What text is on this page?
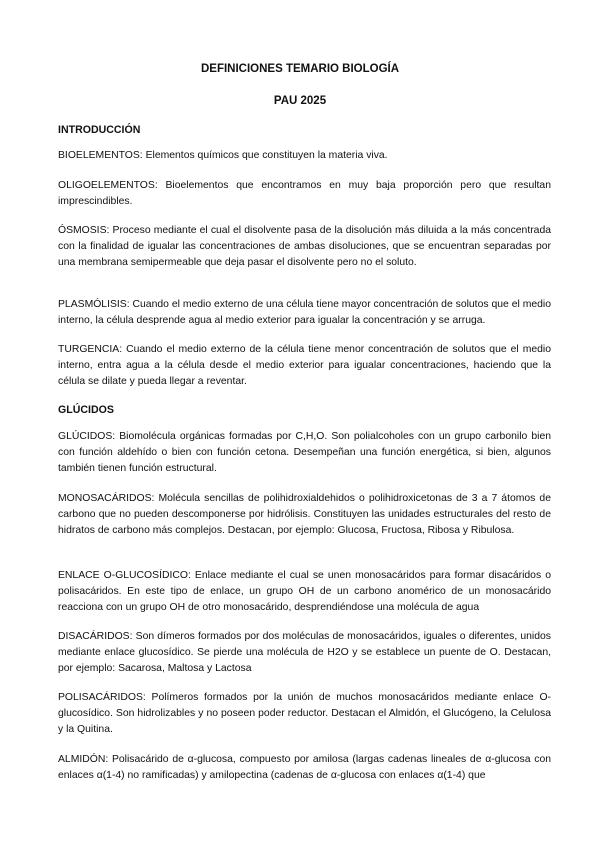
DEFINICIONES TEMARIO BIOLOGÍA
PAU 2025
INTRODUCCIÓN

BIOELEMENTOS: Elementos químicos que constituyen la materia viva.

OLIGOELEMENTOS: Bioelementos que encontramos en muy baja proporción pero que resultan imprescindibles.

ÓSMOSIS: Proceso mediante el cual el disolvente pasa de la disolución más diluida a la más concentrada con la finalidad de igualar las concentraciones de ambas disoluciones, que se encuentran separadas por una membrana semipermeable que deja pasar el disolvente pero no el soluto.

PLASMÓLISIS: Cuando el medio externo de una célula tiene mayor concentración de solutos que el medio interno, la célula desprende agua al medio exterior para igualar la concentración y se arruga.

TURGENCIA: Cuando el medio externo de la célula tiene menor concentración de solutos que el medio interno, entra agua a la célula desde el medio exterior para igualar concentraciones, haciendo que la célula se dilate y pueda llegar a reventar.

GLÚCIDOS

GLÚCIDOS: Biomolécula orgánicas formadas por C,H,O. Son polialcoholes con un grupo carbonilo bien con función aldehído o bien con función cetona. Desempeñan una función energética, si bien, algunos también tienen función estructural.

MONOSACÁRIDOS: Molécula sencillas de polihidroxialdehidos o polihidroxicetonas de 3 a 7 átomos de carbono que no pueden descomponerse por hidrólisis. Constituyen las unidades estructurales del resto de hidratos de carbono más complejos. Destacan, por ejemplo: Glucosa, Fructosa, Ribosa y Ribulosa.

ENLACE O-GLUCOSÍDICO: Enlace mediante el cual se unen monosacáridos para formar disacáridos o polisacáridos. En este tipo de enlace, un grupo OH de un carbono anomérico de un monosacárido reacciona con un grupo OH de otro monosacárido, desprendiéndose una molécula de agua

DISACÁRIDOS: Son dímeros formados por dos moléculas de monosacáridos, iguales o diferentes, unidos mediante enlace glucosídico. Se pierde una molécula de H2O y se establece un puente de O. Destacan, por ejemplo: Sacarosa, Maltosa y Lactosa

POLISACÁRIDOS: Polímeros formados por la unión de muchos monosacáridos mediante enlace O-glucosídico. Son hidrolizables y no poseen poder reductor. Destacan el Almidón, el Glucógeno, la Celulosa y la Quitina.

ALMIDÓN: Polisacárido de α-glucosa, compuesto por amilosa (largas cadenas lineales de α-glucosa con enlaces α(1-4) no ramificadas) y amilopectina (cadenas de α-glucosa con enlaces α(1-4) que
